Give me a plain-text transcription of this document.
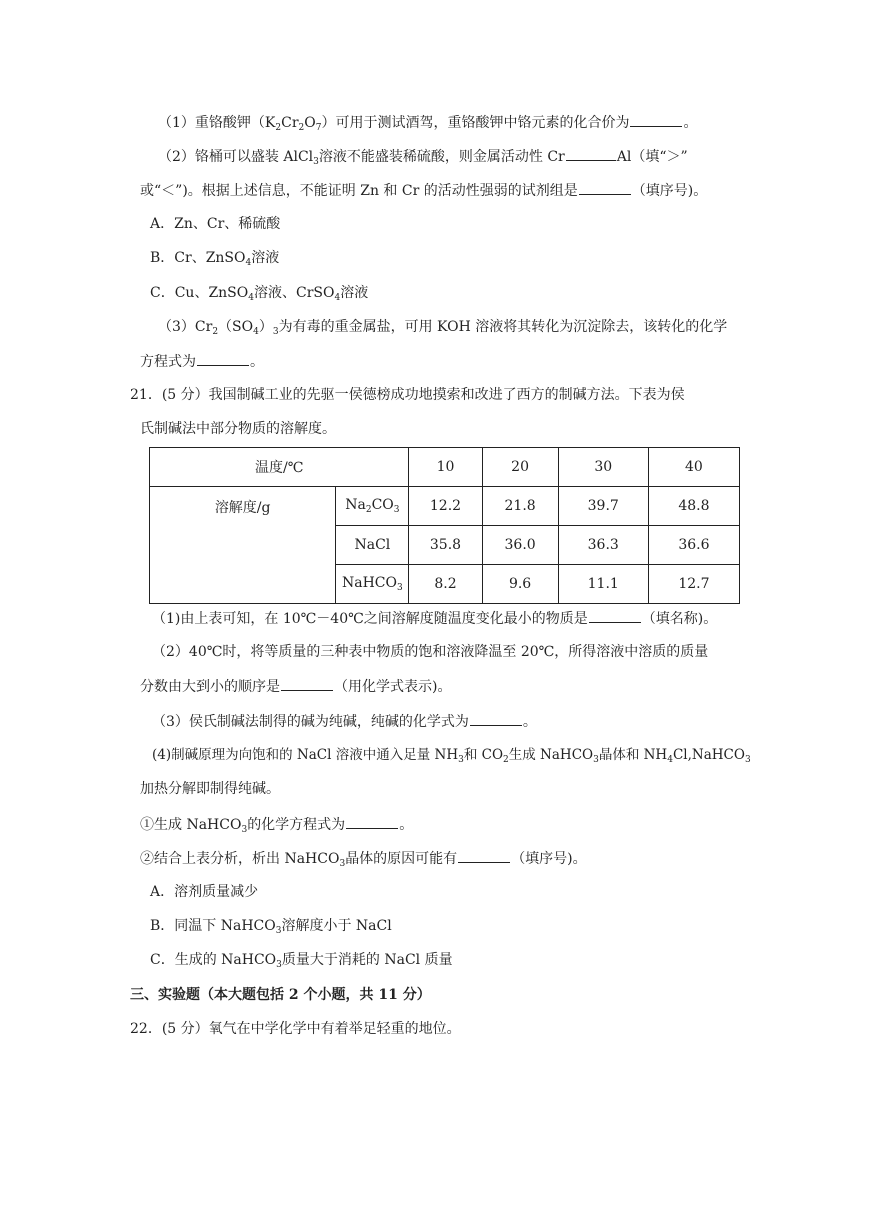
（1）重铬酸钾$(K_2Cr_2O_7)$可用于测试酒驾，重铬酸钾中铬元素的化合价为	。
（2）铬桶可以盛装 AlCl$_3$溶液不能盛装稀硫酸，则金属活动性 Cr	Al（填“＞”
或“＜”)。根据上述信息，不能证明 Zn 和 Cr 的活动性强弱的试剂组是	（填序号)。
A．Zn、Cr、稀硫酸
B．Cr、ZnSO$_4$溶液
C．Cu、ZnSO$_4$溶液、CrSO$_4$溶液
$(3)Cr_2(SO_4)_3$为有毒的重金属盐，可用 KOH 溶液将其转化为沉淀除去，该转化的化学
方程式为	。
21．(5 分）我国制碱工业的先驱一侯德榜成功地摸索和改进了西方的制碱方法。下表为侯
氏制碱法中部分物质的溶解度。
温度/℃		10	20	30	40
溶解度/g	$Na_2CO_3$	12.2	21.8	39.7	48.8
	NaCl	35.8	36.0	36.3	36.6
	NaHCO$_3$	8.2	9.6	11.1	12.7
（1)由上表可知，在 10℃－40℃之间溶解度随温度变化最小的物质是	（填名称)。
（2）40℃时，将等质量的三种表中物质的饱和溶液降温至 20℃，所得溶液中溶质的质量
分数由大到小的顺序是	（用化学式表示)。
（3）侯氏制碱法制得的碱为纯碱，纯碱的化学式为	。
(4)制碱原理为向饱和的 NaCl 溶液中通入足量 $NH_3$和 $CO_2$生成 NaHCO$_3$晶体和 $NH_4Cl,NaHCO_3$
加热分解即制得纯碱。
①生成 NaHCO$_3$的化学方程式为	。
②结合上表分析，析出 NaHCO$_3$晶体的原因可能有	（填序号)。
A．溶剂质量减少
B．同温下 NaHCO$_3$溶解度小于 NaCl
C．生成的 NaHCO$_3$质量大于消耗的 NaCl 质量
三、实验题（本大题包括 2 个小题，共 11 分）
22．(5 分）氧气在中学化学中有着举足轻重的地位。
